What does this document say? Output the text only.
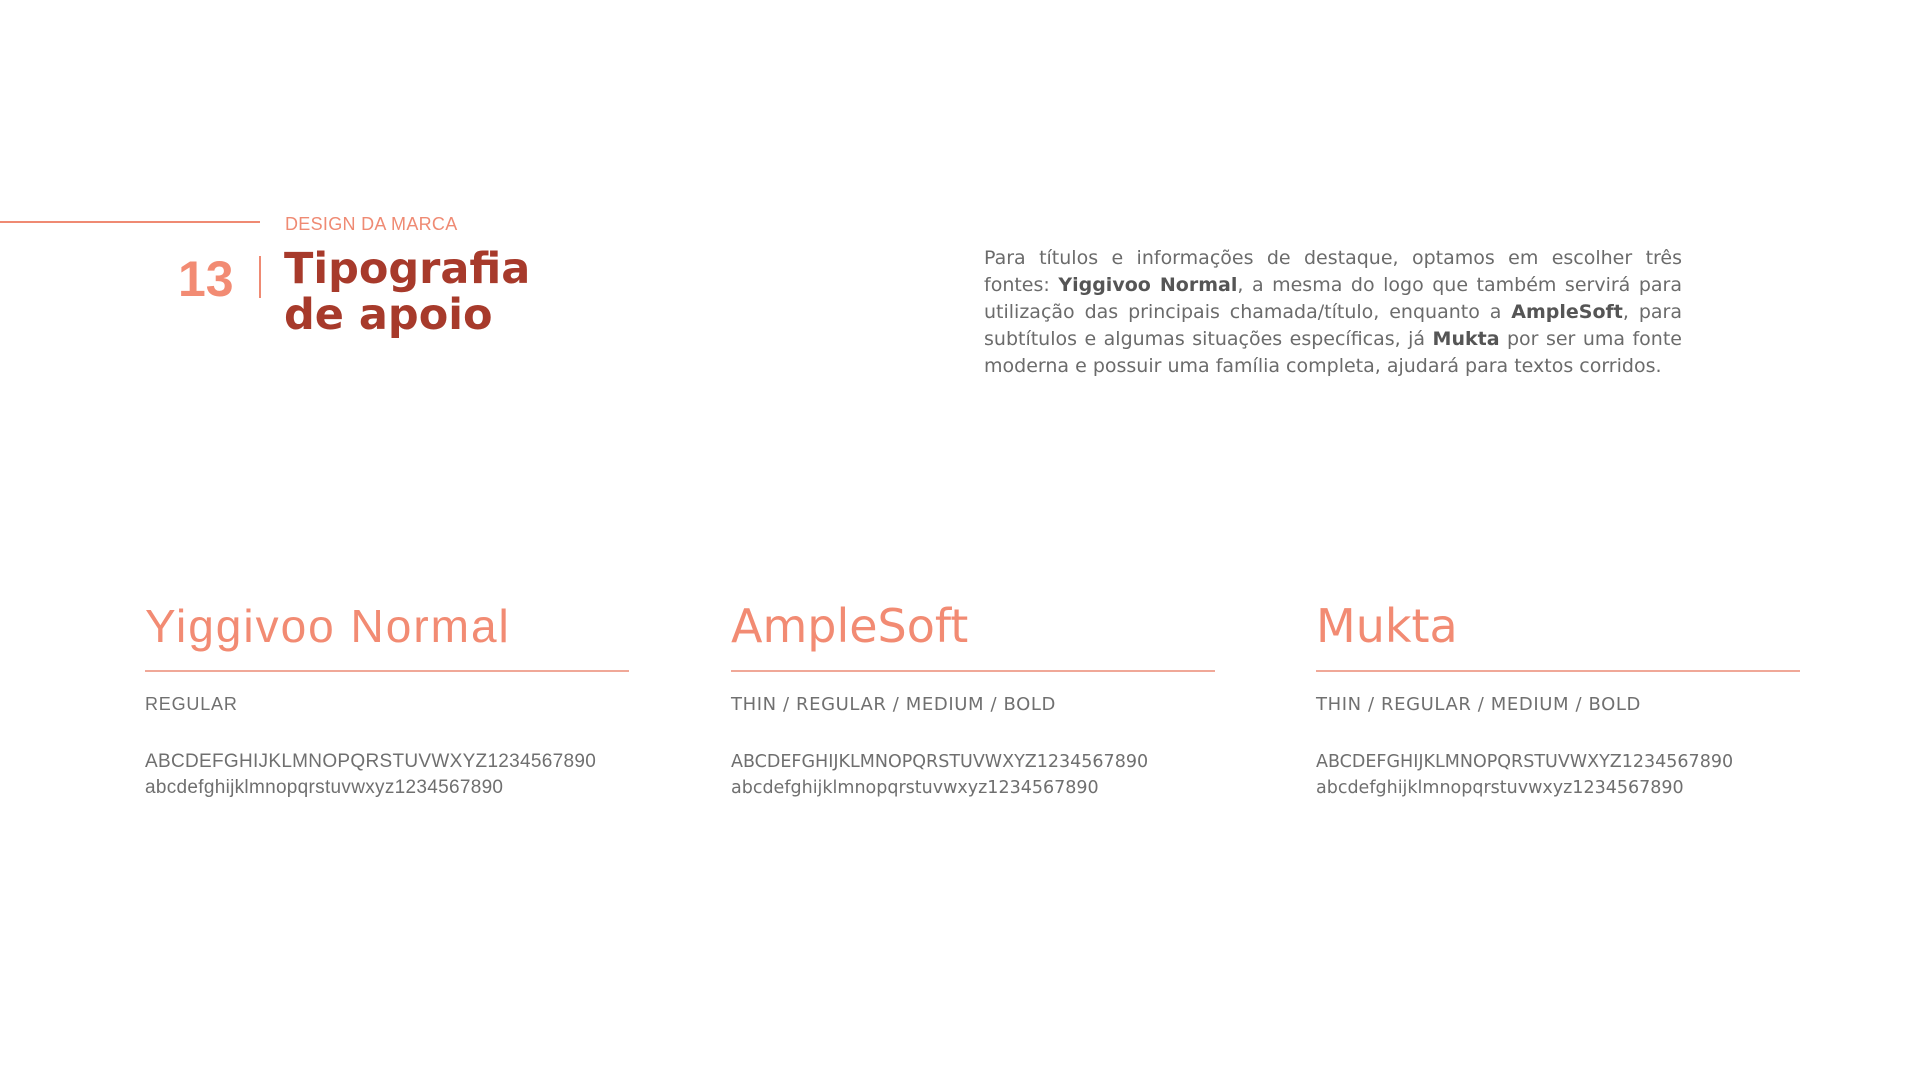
DESIGN DA MARCA
13 Tipografia
de apoio

Para títulos e informações de destaque, optamos em escolher três fontes: Yiggivoo Normal, a mesma do logo que também servirá para utilização das principais chamada/título, enquanto a AmpleSoft, para subtítulos e algumas situações específicas, já Mukta por ser uma fonte moderna e possuir uma família completa, ajudará para textos corridos.

Yiggivoo Normal
REGULAR
ABCDEFGHIJKLMNOPQRSTUVWXYZ1234567890
abcdefghijklmnopqrstuvwxyz1234567890
AmpleSoft
THIN / REGULAR / MEDIUM / BOLD
ABCDEFGHIJKLMNOPQRSTUVWXYZ1234567890
abcdefghijklmnopqrstuvwxyz1234567890
Mukta
THIN / REGULAR / MEDIUM / BOLD
ABCDEFGHIJKLMNOPQRSTUVWXYZ1234567890
abcdefghijklmnopqrstuvwxyz1234567890
